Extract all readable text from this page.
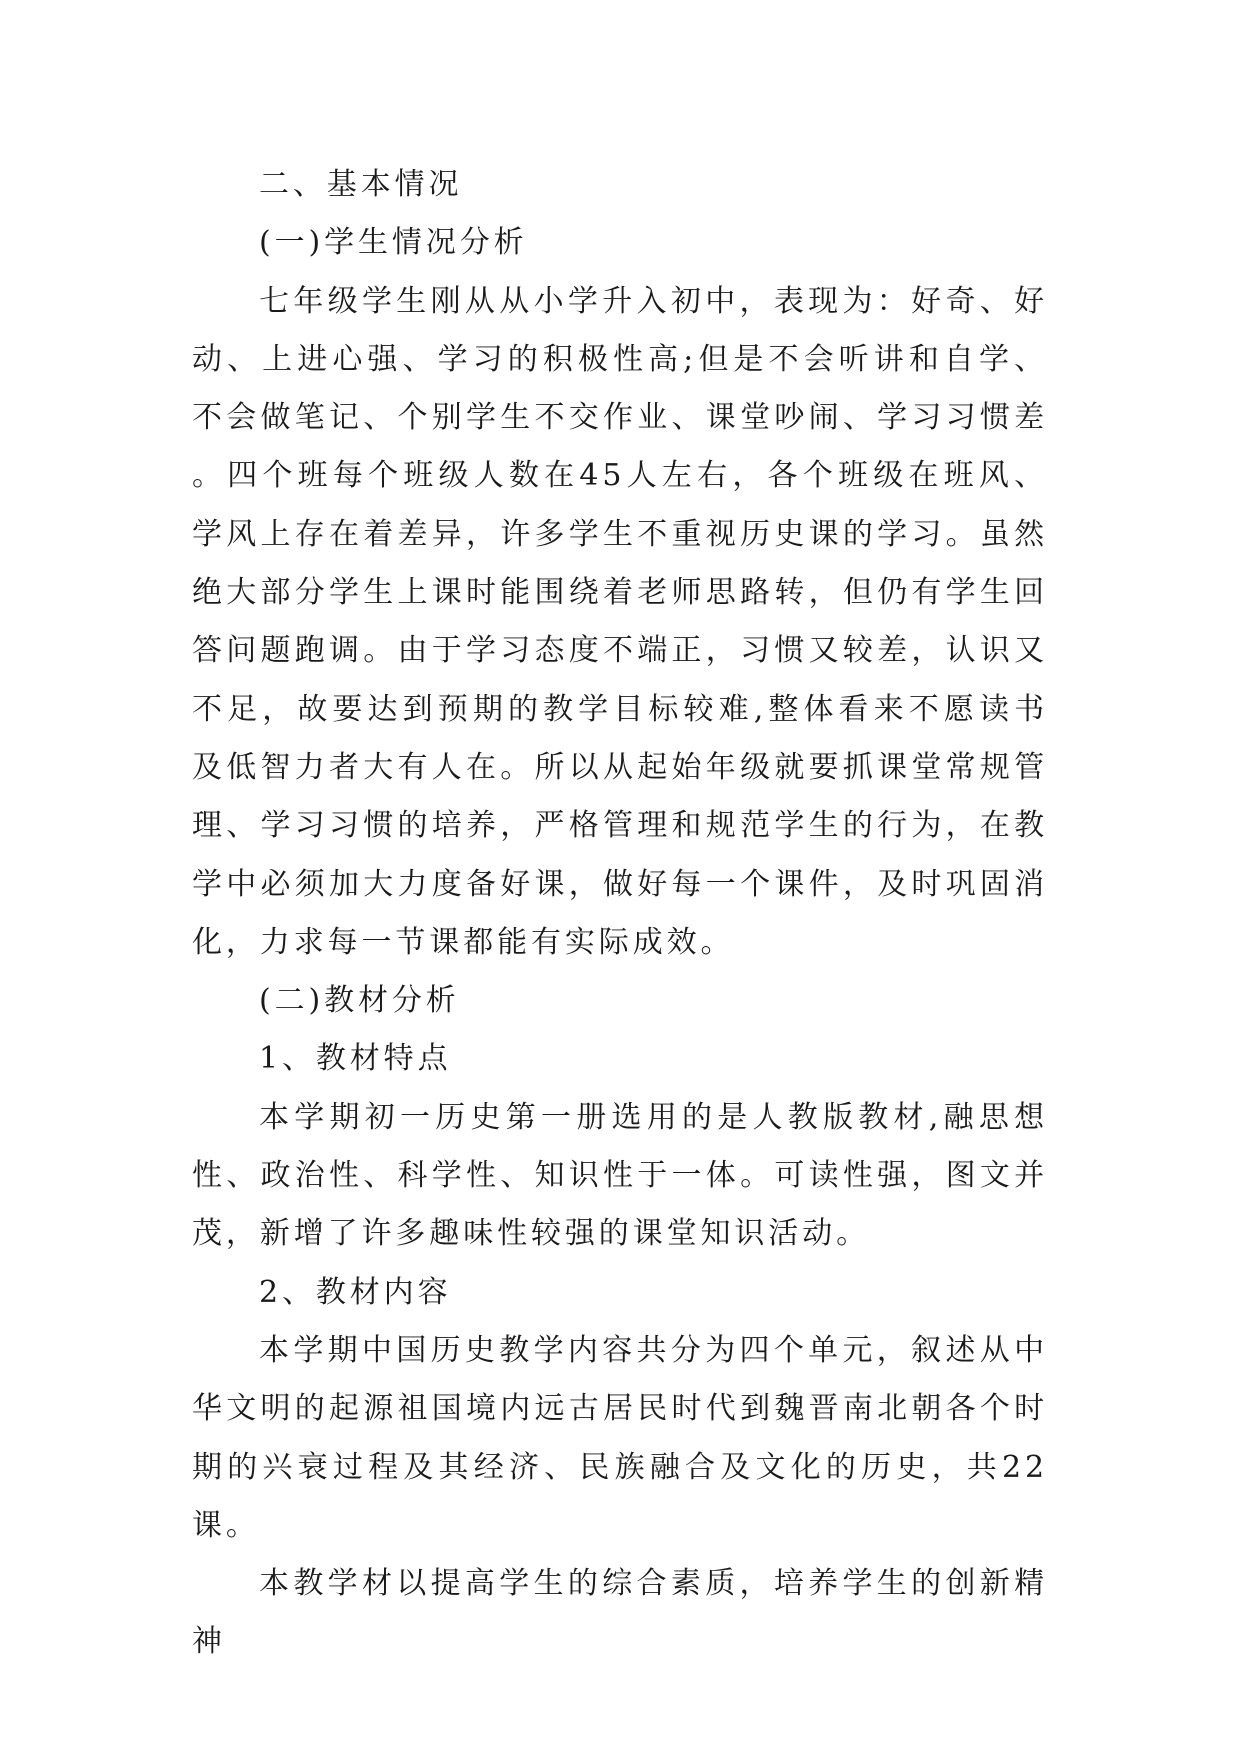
二、基本情况

(一)学生情况分析

七年级学生刚从从小学升入初中，表现为：好奇、好动、上进心强、学习的积极性高;但是不会听讲和自学、不会做笔记、个别学生不交作业、课堂吵闹、学习习惯差。四个班每个班级人数在45人左右，各个班级在班风、学风上存在着差异，许多学生不重视历史课的学习。虽然绝大部分学生上课时能围绕着老师思路转，但仍有学生回答问题跑调。由于学习态度不端正，习惯又较差，认识又不足，故要达到预期的教学目标较难,整体看来不愿读书及低智力者大有人在。所以从起始年级就要抓课堂常规管理、学习习惯的培养，严格管理和规范学生的行为，在教学中必须加大力度备好课，做好每一个课件，及时巩固消化，力求每一节课都能有实际成效。

(二)教材分析

1、教材特点

本学期初一历史第一册选用的是人教版教材,融思想性、政治性、科学性、知识性于一体。可读性强，图文并茂，新增了许多趣味性较强的课堂知识活动。

2、教材内容

本学期中国历史教学内容共分为四个单元，叙述从中华文明的起源祖国境内远古居民时代到魏晋南北朝各个时期的兴衰过程及其经济、民族融合及文化的历史，共22课。

本教学材以提高学生的综合素质，培养学生的创新精神
